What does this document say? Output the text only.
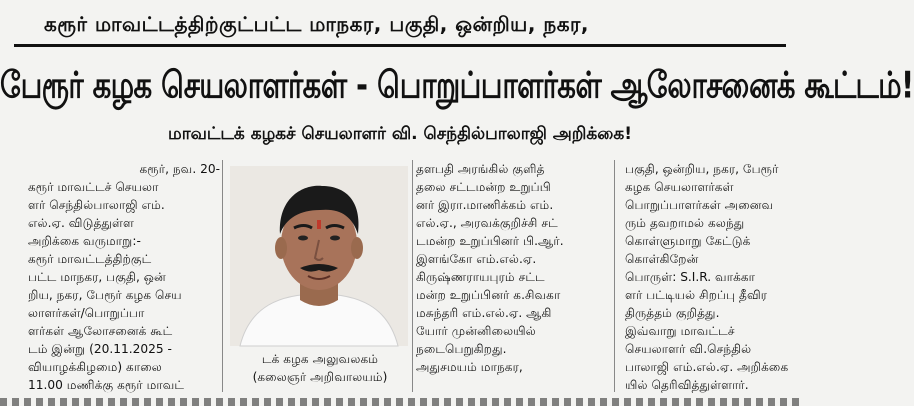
கரூர் மாவட்டத்திற்குட்பட்ட மாநகர, பகுதி, ஒன்றிய, நகர,
பேரூர் கழக செயலாளர்கள் - பொறுப்பாளர்கள் ஆலோசனைக் கூட்டம்!
மாவட்டக் கழகச் செயலாளர் வி. செந்தில்பாலாஜி அறிக்கை!

கரூர், நவ. 20-

கரூர் மாவட்டச் செயலா

ளர் செந்தில்பாலாஜி எம்.

எல்.ஏ. விடுத்துள்ள

அறிக்கை வருமாறு:-

கரூர் மாவட்டத்திற்குட்

பட்ட மாநகர, பகுதி, ஒன்

றிய, நகர, பேரூர் கழக செய

லாளர்கள்/பொறுப்பா

ளர்கள் ஆலோசனைக் கூட்

டம் இன்று (20.11.2025 -

வியாழக்கிழமை) காலை

11.00 மணிக்கு கரூர் மாவட்

டக் கழக அலுவலகம்

(கலைஞர் அறிவாலயம்)

தளபதி அரங்கில் குளித்

தலை சட்டமன்ற உறுப்பி

னர் இரா.மாணிக்கம் எம்.

எல்.ஏ., அரவக்குறிச்சி சட்

டமன்ற உறுப்பினர் பி.ஆர்.

இளங்கோ எம்.எல்.ஏ.

கிருஷ்ணராயபுரம் சட்ட

மன்ற உறுப்பினர் க.சிவகா

மசுந்தரி எம்.எல்.ஏ. ஆகி

யோர் முன்னிலையில்

நடைபெறுகிறது.

அதுசமயம் மாநகர,

பகுதி, ஒன்றிய, நகர, பேரூர்

கழக செயலாளர்கள்

பொறுப்பாளர்கள் அனைவ

ரும் தவறாமல் கலந்து

கொள்ளுமாறு கேட்டுக்

கொள்கிறேன்

பொருள்: S.I.R. வாக்கா

ளர் பட்டியல் சிறப்பு தீவிர

திருத்தம் குறித்து.

இவ்வாறு மாவட்டச்

செயலாளர் வி.செந்தில்

பாலாஜி எம்.எல்.ஏ. அறிக்கை

யில் தெரிவித்துள்ளார்.
